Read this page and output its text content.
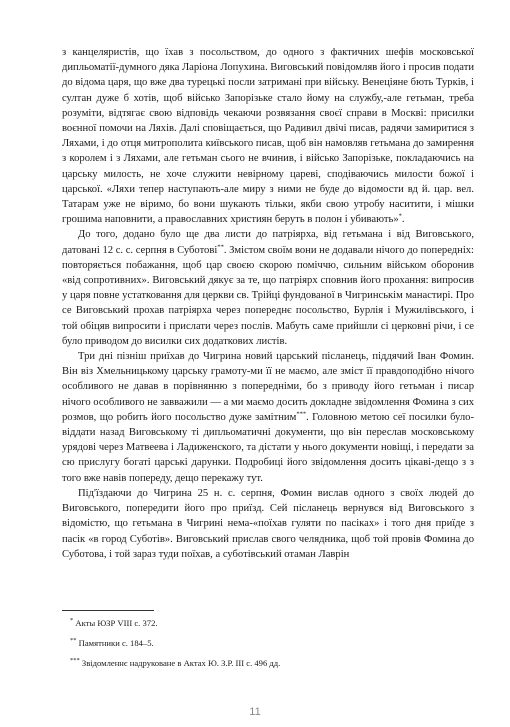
з канцеляристів, що їхав з посольством, до одного з фактичних шефів московської дипльоматії-думного дяка Ларіона Лопухина. Виговський повідомляв його і просив подати до відома царя, що вже два турецькі посли затримані при війську. Венеціяне бють Турків, і султан дуже б хотів, щоб військо Запорізьке стало йому на службу,-але гетьман, треба розуміти, відтягає свою відповідь чекаючи розвязання своєї справи в Москві: присилки воєнної помочи на Ляхів. Далі сповіщається, що Радивил двічі писав, радячи замиритися з Ляхами, і до отця митрополита київського писав, щоб він намовляв гетьмана до замирення з королем і з Ляхами, але гетьман сього не вчинив, і військо Запорізьке, покладаючись на царську милость, не хоче служити невірному цареві, сподіваючись милости божої і царської. «Ляхи тепер наступають-але миру з ними не буде до відомости вд й. цар. вел. Татарам уже не віримо, бо вони шукають тільки, якби свою утробу наситити, і мішки грошима наповнити, а православних християн беруть в полон і убивають»*.

До того, додано було ще два листи до патріярха, від гетьмана і від Виговського, датовані 12 с. с. серпня в Суботові**. Змістом своїм вони не додавали нічого до попередніх: повторяється побажання, щоб цар своєю скорою поміччю, сильним військом оборонив «від сопротивних». Виговський дякує за те, що патріярх сповнив його прохання: випросив у царя повне устатковання для церкви св. Трійці фундованої в Чигринськім манастирі. Про се Виговський прохав патріярха через попереднє посольство, Бурлія і Мужилівського, і той обіцяв випросити і прислати через послів. Мабуть саме прийшли сі церковні річи, і се було приводом до висилки сих додаткових листів.

Три дні пізніш приїхав до Чигрина новий царський післанець, піддячий Іван Фомин. Він віз Хмельницькому царську грамоту-ми її не маємо, але зміст її правдоподібно нічого особливого не давав в порівнянню з попередніми, бо з приводу його гетьман і писар нічого особливого не завважили — а ми маємо досить докладне звідомлення Фомина з сих розмов, що робить його посольство дуже замітним***. Головною метою сеї посилки було-віддати назад Виговському ті дипльоматичні документи, що він переслав московському урядові через Матвеева і Ладиженского, та дістати у нього документи новіщі, і передати за сю прислугу богаті царські дарунки. Подробиці його звідомлення досить цікаві-дещо з з того вже навів попереду, дещо перекажу тут.

Під'їздаючи до Чигрина 25 н. с. серпня, Фомин вислав одного з своїх людей до Виговського, попередити його про приїзд. Сей післанець вернувся від Виговського з відомістю, що гетьмана в Чигрині нема-«поїхав гуляти по пасіках» і того дня приїде з пасік «в город Суботів». Виговський прислав свого челядника, щоб той провів Фомина до Суботова, і той зараз туди поїхав, а суботівський отаман Лаврін

* Акты ЮЗР VIII с. 372.

** Памятники с. 184–5.

*** Звідомленнє надруковане в Актах Ю. З.Р. III с. 496 дд.

11
